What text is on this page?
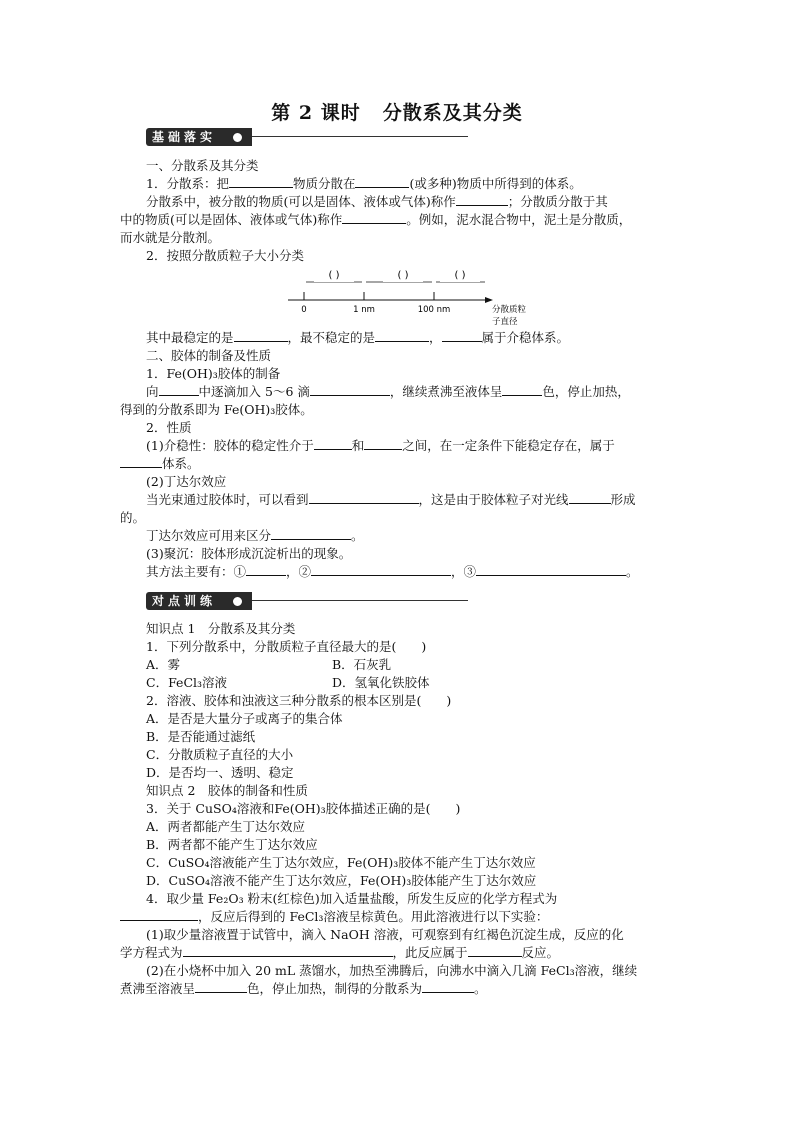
第 2 课时 分散系及其分类
基础落实
一、分散系及其分类
1．分散系：把	物质分散在	(或多种)物质中所得到的体系。
分散系中，被分散的物质(可以是固体、液体或气体)称作	；分散质分散于其
中的物质(可以是固体、液体或气体)称作	。例如，泥水混合物中，泥土是分散质，
而水就是分散剂。
2．按照分散质粒子大小分类
( )	( )	( )
0	1 nm	100 nm	分散质粒
子直径
其中最稳定的是	，最不稳定的是	，	属于介稳体系。
二、胶体的制备及性质
1．Fe(OH)₃胶体的制备
向	中逐滴加入 5～6 滴	，继续煮沸至液体呈	色，停止加热，
得到的分散系即为 Fe(OH)₃胶体。
2．性质
(1)介稳性：胶体的稳定性介于	和	之间，在一定条件下能稳定存在，属于
体系。
(2)丁达尔效应
当光束通过胶体时，可以看到	，这是由于胶体粒子对光线	形成
的。
丁达尔效应可用来区分	。
(3)聚沉：胶体形成沉淀析出的现象。
其方法主要有：①	，②	，③	。
对点训练
知识点 1　分散系及其分类
1．下列分散系中，分散质粒子直径最大的是(　　)
A．雾	B．石灰乳
C．FeCl₃溶液	D．氢氧化铁胶体
2．溶液、胶体和浊液这三种分散系的根本区别是(　　)
A．是否是大量分子或离子的集合体
B．是否能通过滤纸
C．分散质粒子直径的大小
D．是否均一、透明、稳定
知识点 2　胶体的制备和性质
3．关于 CuSO₄溶液和Fe(OH)₃胶体描述正确的是(　　)
A．两者都能产生丁达尔效应
B．两者都不能产生丁达尔效应
C．CuSO₄溶液能产生丁达尔效应，Fe(OH)₃胶体不能产生丁达尔效应
D．CuSO₄溶液不能产生丁达尔效应，Fe(OH)₃胶体能产生丁达尔效应
4．取少量 Fe₂O₃ 粉末(红棕色)加入适量盐酸，所发生反应的化学方程式为
，反应后得到的 FeCl₃溶液呈棕黄色。用此溶液进行以下实验：
(1)取少量溶液置于试管中，滴入 NaOH 溶液，可观察到有红褐色沉淀生成，反应的化
学方程式为	，此反应属于	反应。
(2)在小烧杯中加入 20 mL 蒸馏水，加热至沸腾后，向沸水中滴入几滴 FeCl₃溶液，继续
煮沸至溶液呈	色，停止加热，制得的分散系为	。
